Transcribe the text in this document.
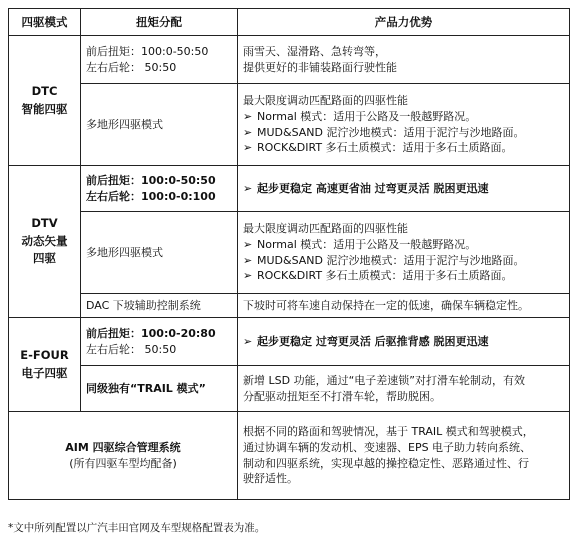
四驱模式	扭矩分配	产品力优势

DTC
智能四驱	前后扭矩：100:0-50:50
左右后轮： 50:50	雨雪天、湿滑路、急转弯等，
提供更好的非铺装路面行驶性能

	多地形四驱模式	最大限度调动匹配路面的四驱性能
➢ Normal 模式：适用于公路及一般越野路况。
➢ MUD&SAND 泥泞沙地模式：适用于泥泞与沙地路面。
➢ ROCK&DIRT 多石土质模式：适用于多石土质路面。

DTV
动态矢量
四驱	前后扭矩：100:0-50:50
左右后轮：100:0-0:100	➢ 起步更稳定 高速更省油 过弯更灵活 脱困更迅速
	多地形四驱模式	最大限度调动匹配路面的四驱性能
➢ Normal 模式：适用于公路及一般越野路况。
➢ MUD&SAND 泥泞沙地模式：适用于泥泞与沙地路面。
➢ ROCK&DIRT 多石土质模式：适用于多石土质路面。

	DAC 下坡辅助控制系统	下坡时可将车速自动保持在一定的低速，确保车辆稳定性。

E-FOUR
电子四驱	前后扭矩：100:0-20:80
左右后轮： 50:50	➢ 起步更稳定 过弯更灵活 后驱推背感 脱困更迅速
	同级独有“TRAIL 模式”	新增 LSD 功能，通过“电子差速锁”对打滑车轮制动，有效
分配驱动扭矩至不打滑车轮，帮助脱困。

AIM 四驱综合管理系统
(所有四驱车型均配备)		根据不同的路面和驾驶情况，基于 TRAIL 模式和驾驶模式，
通过协调车辆的发动机、变速器、EPS 电子助力转向系统、
制动和四驱系统，实现卓越的操控稳定性、恶路通过性、行
驶舒适性。
*文中所列配置以广汽丰田官网及车型规格配置表为准。
